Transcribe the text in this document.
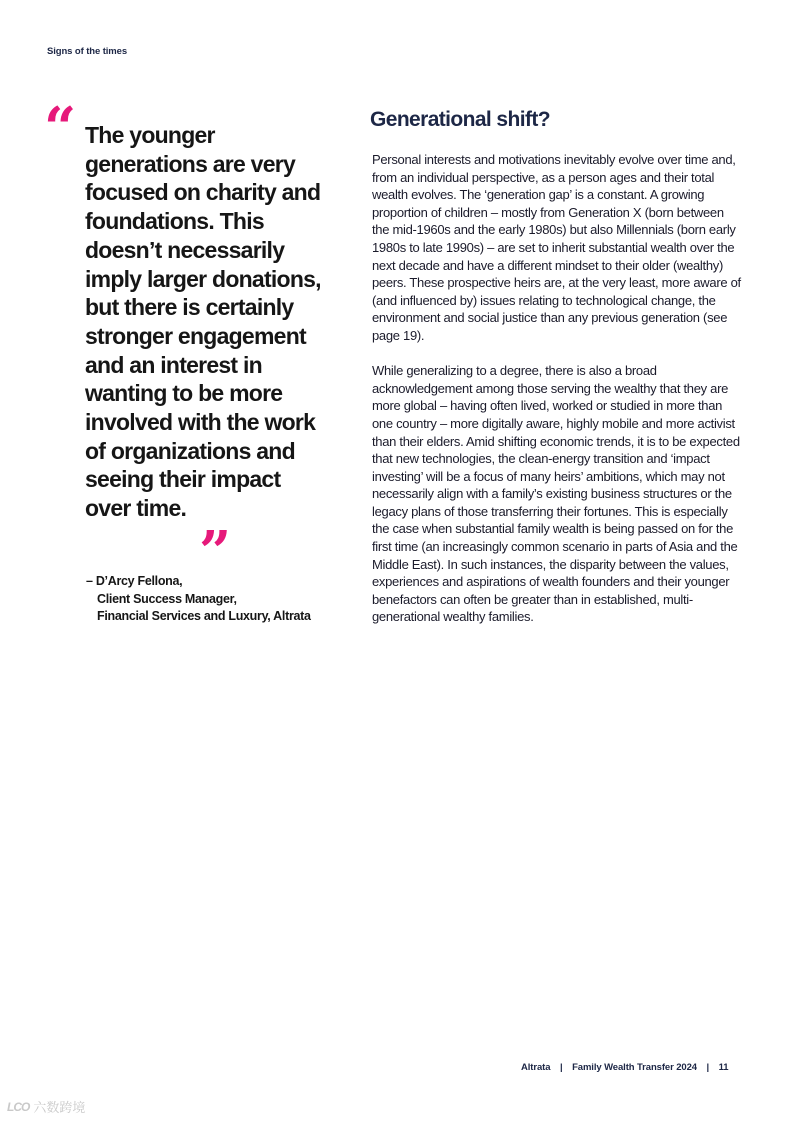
Signs of the times
“ The younger generations are very focused on charity and foundations. This doesn’t necessarily imply larger donations, but there is certainly stronger engagement and an interest in wanting to be more involved with the work of organizations and seeing their impact over time.
”
– D’Arcy Fellona,
Client Success Manager,
Financial Services and Luxury, Altrata
Generational shift?

Personal interests and motivations inevitably evolve over time and, from an individual perspective, as a person ages and their total wealth evolves. The ‘generation gap’ is a constant. A growing proportion of children – mostly from Generation X (born between the mid-1960s and the early 1980s) but also Millennials (born early 1980s to late 1990s) – are set to inherit substantial wealth over the next decade and have a different mindset to their older (wealthy) peers. These prospective heirs are, at the very least, more aware of (and influenced by) issues relating to technological change, the environment and social justice than any previous generation (see page 19).

While generalizing to a degree, there is also a broad acknowledgement among those serving the wealthy that they are more global – having often lived, worked or studied in more than one country – more digitally aware, highly mobile and more activist than their elders. Amid shifting economic trends, it is to be expected that new technologies, the clean-energy transition and ‘impact investing’ will be a focus of many heirs’ ambitions, which may not necessarily align with a family’s existing business structures or the legacy plans of those transferring their fortunes. This is especially the case when substantial family wealth is being passed on for the first time (an increasingly common scenario in parts of Asia and the Middle East). In such instances, the disparity between the values, experiences and aspirations of wealth founders and their younger benefactors can often be greater than in established, multi-generational wealthy families.

Altrata | Family Wealth Transfer 2024 | 11
LCO 六数跨境
